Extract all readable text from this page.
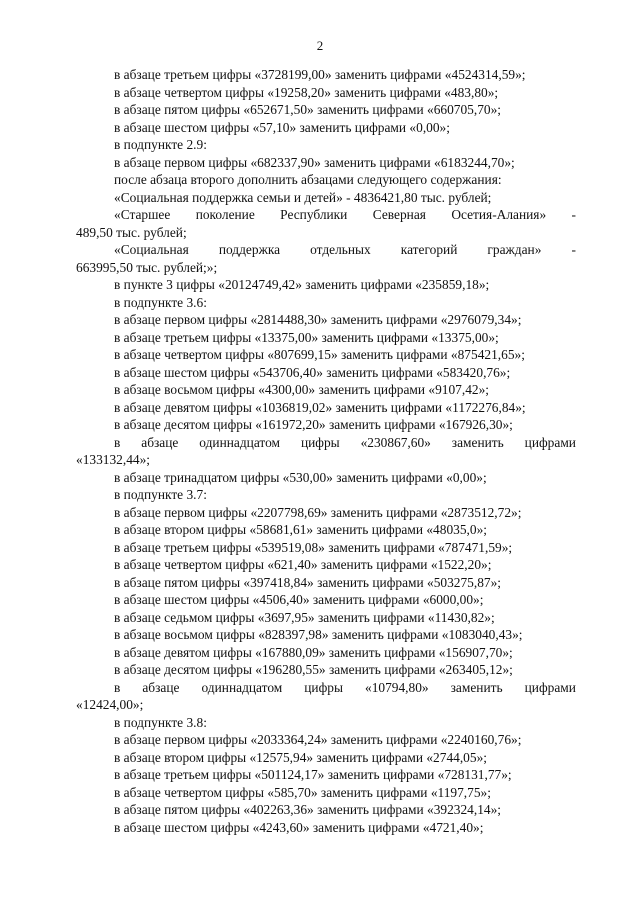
2
в абзаце третьем цифры «3728199,00» заменить цифрами «4524314,59»;
в абзаце четвертом цифры «19258,20» заменить цифрами «483,80»;
в абзаце пятом цифры «652671,50» заменить цифрами «660705,70»;
в абзаце шестом цифры «57,10» заменить цифрами «0,00»;
в подпункте 2.9:
в абзаце первом цифры «682337,90» заменить цифрами «6183244,70»;
после абзаца второго дополнить абзацами следующего содержания:
«Социальная поддержка семьи и детей» - 4836421,80 тыс. рублей;
«Старшее поколение Республики Северная Осетия-Алания» -
489,50 тыс. рублей;
«Социальная поддержка отдельных категорий граждан» -
663995,50 тыс. рублей;»;
в пункте 3 цифры «20124749,42» заменить цифрами «235859,18»;
в подпункте 3.6:
в абзаце первом цифры «2814488,30» заменить цифрами «2976079,34»;
в абзаце третьем цифры «13375,00» заменить цифрами «13375,00»;
в абзаце четвертом цифры «807699,15» заменить цифрами «875421,65»;
в абзаце шестом цифры «543706,40» заменить цифрами «583420,76»;
в абзаце восьмом цифры «4300,00» заменить цифрами «9107,42»;
в абзаце девятом цифры «1036819,02» заменить цифрами «1172276,84»;
в абзаце десятом цифры «161972,20» заменить цифрами «167926,30»;
в абзаце одиннадцатом цифры «230867,60» заменить цифрами
«133132,44»;
в абзаце тринадцатом цифры «530,00» заменить цифрами «0,00»;
в подпункте 3.7:
в абзаце первом цифры «2207798,69» заменить цифрами «2873512,72»;
в абзаце втором цифры «58681,61» заменить цифрами «48035,0»;
в абзаце третьем цифры «539519,08» заменить цифрами «787471,59»;
в абзаце четвертом цифры «621,40» заменить цифрами «1522,20»;
в абзаце пятом цифры «397418,84» заменить цифрами «503275,87»;
в абзаце шестом цифры «4506,40» заменить цифрами «6000,00»;
в абзаце седьмом цифры «3697,95» заменить цифрами «11430,82»;
в абзаце восьмом цифры «828397,98» заменить цифрами «1083040,43»;
в абзаце девятом цифры «167880,09» заменить цифрами «156907,70»;
в абзаце десятом цифры «196280,55» заменить цифрами «263405,12»;
в абзаце одиннадцатом цифры «10794,80» заменить цифрами
«12424,00»;
в подпункте 3.8:
в абзаце первом цифры «2033364,24» заменить цифрами «2240160,76»;
в абзаце втором цифры «12575,94» заменить цифрами «2744,05»;
в абзаце третьем цифры «501124,17» заменить цифрами «728131,77»;
в абзаце четвертом цифры «585,70» заменить цифрами «1197,75»;
в абзаце пятом цифры «402263,36» заменить цифрами «392324,14»;
в абзаце шестом цифры «4243,60» заменить цифрами «4721,40»;
